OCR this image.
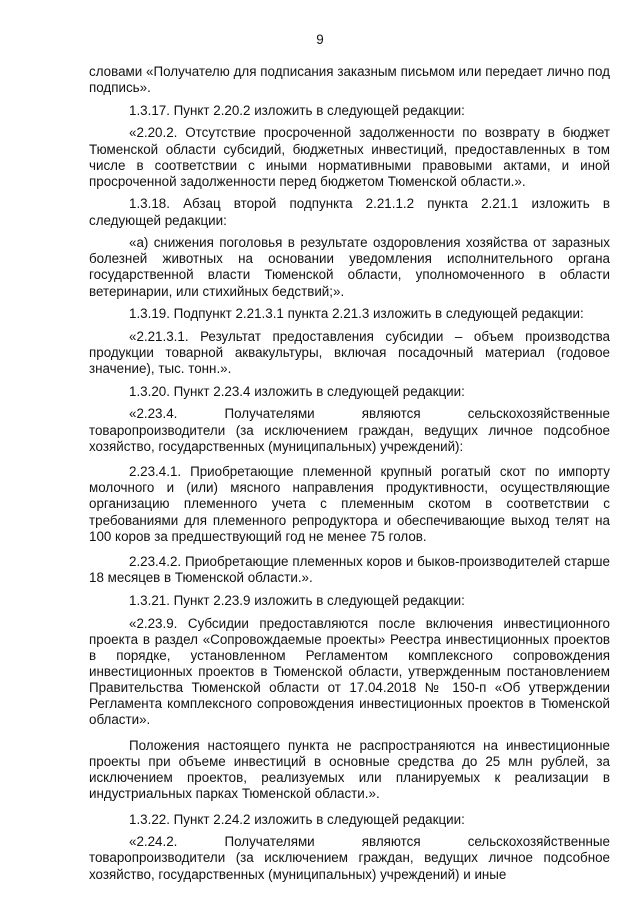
9

словами «Получателю для подписания заказным письмом или передает лично под подпись».

1.3.17. Пункт 2.20.2 изложить в следующей редакции:

«2.20.2. Отсутствие просроченной задолженности по возврату в бюджет Тюменской области субсидий, бюджетных инвестиций, предоставленных в том числе в соответствии с иными нормативными правовыми актами, и иной просроченной задолженности перед бюджетом Тюменской области.».

1.3.18. Абзац второй подпункта 2.21.1.2 пункта 2.21.1 изложить в следующей редакции:

«а) снижения поголовья в результате оздоровления хозяйства от заразных болезней животных на основании уведомления исполнительного органа государственной власти Тюменской области, уполномоченного в области ветеринарии, или стихийных бедствий;».

1.3.19. Подпункт 2.21.3.1 пункта 2.21.3 изложить в следующей редакции:

«2.21.3.1. Результат предоставления субсидии – объем производства продукции товарной аквакультуры, включая посадочный материал (годовое значение), тыс. тонн.».

1.3.20. Пункт 2.23.4 изложить в следующей редакции:

«2.23.4. Получателями являются сельскохозяйственные товаропроизводители (за исключением граждан, ведущих личное подсобное хозяйство, государственных (муниципальных) учреждений):

2.23.4.1. Приобретающие племенной крупный рогатый скот по импорту молочного и (или) мясного направления продуктивности, осуществляющие организацию племенного учета с племенным скотом в соответствии с требованиями для племенного репродуктора и обеспечивающие выход телят на 100 коров за предшествующий год не менее 75 голов.

2.23.4.2. Приобретающие племенных коров и быков-производителей старше 18 месяцев в Тюменской области.».

1.3.21. Пункт 2.23.9 изложить в следующей редакции:

«2.23.9. Субсидии предоставляются после включения инвестиционного проекта в раздел «Сопровождаемые проекты» Реестра инвестиционных проектов в порядке, установленном Регламентом комплексного сопровождения инвестиционных проектов в Тюменской области, утвержденным постановлением Правительства Тюменской области от 17.04.2018 № 150-п «Об утверждении Регламента комплексного сопровождения инвестиционных проектов в Тюменской области».

Положения настоящего пункта не распространяются на инвестиционные проекты при объеме инвестиций в основные средства до 25 млн рублей, за исключением проектов, реализуемых или планируемых к реализации в индустриальных парках Тюменской области.».

1.3.22. Пункт 2.24.2 изложить в следующей редакции:

«2.24.2. Получателями являются сельскохозяйственные товаропроизводители (за исключением граждан, ведущих личное подсобное хозяйство, государственных (муниципальных) учреждений) и иные
